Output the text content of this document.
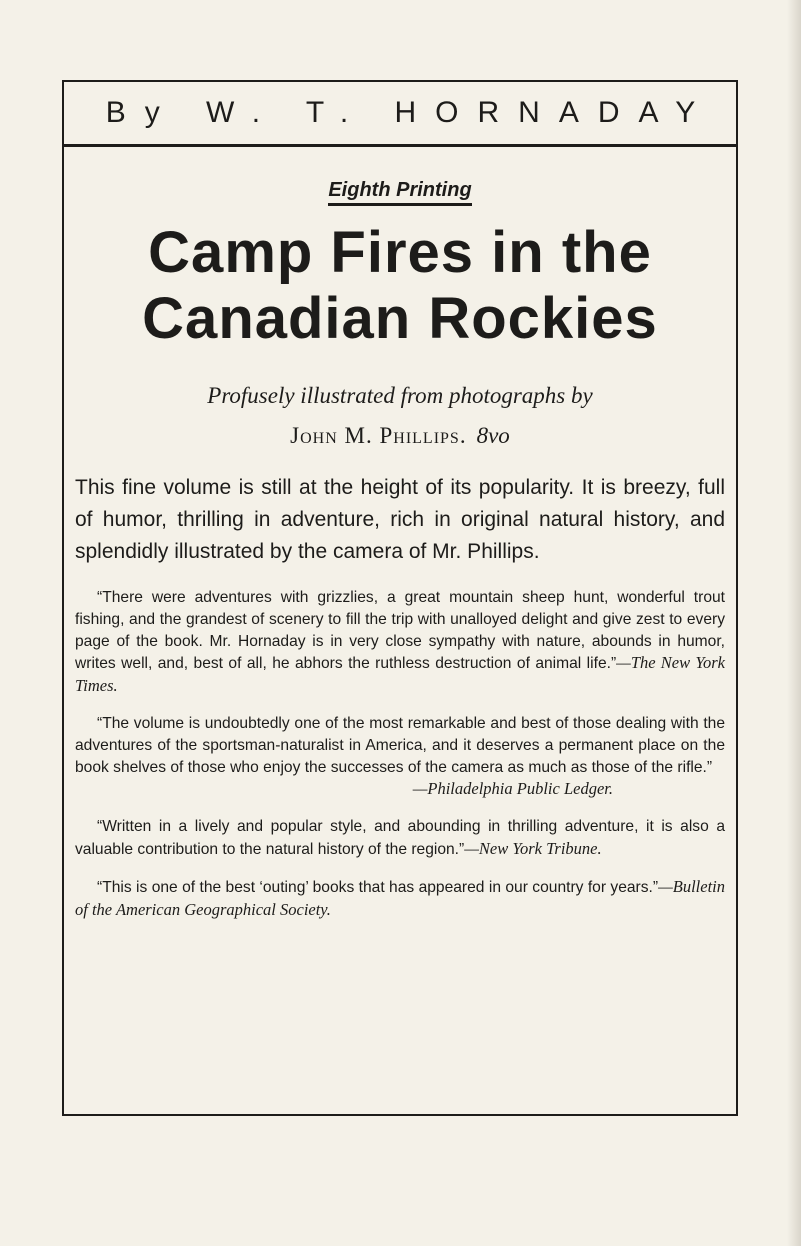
By W. T. HORNADAY
Eighth Printing
Camp Fires in the
Canadian Rockies
Profusely illustrated from photographs by
John M. Phillips. 8vo

This fine volume is still at the height of its popularity. It is breezy, full of humor, thrilling in adventure, rich in original natural history, and splendidly illustrated by the camera of Mr. Phillips.

“There were adventures with grizzlies, a great mountain sheep hunt, wonderful trout fishing, and the grandest of scenery to fill the trip with unalloyed delight and give zest to every page of the book. Mr. Hornaday is in very close sympathy with nature, abounds in humor, writes well, and, best of all, he abhors the ruthless destruction of animal life.”—The New York Times.

“The volume is undoubtedly one of the most remarkable and best of those dealing with the adventures of the sportsman-naturalist in America, and it deserves a permanent place on the book shelves of those who enjoy the successes of the camera as much as those of the rifle.”

—Philadelphia Public Ledger.

“Written in a lively and popular style, and abounding in thrilling adventure, it is also a valuable contribution to the natural history of the region.”—New York Tribune.

“This is one of the best ‘outing’ books that has appeared in our country for years.”—Bulletin of the American Geographical Society.
